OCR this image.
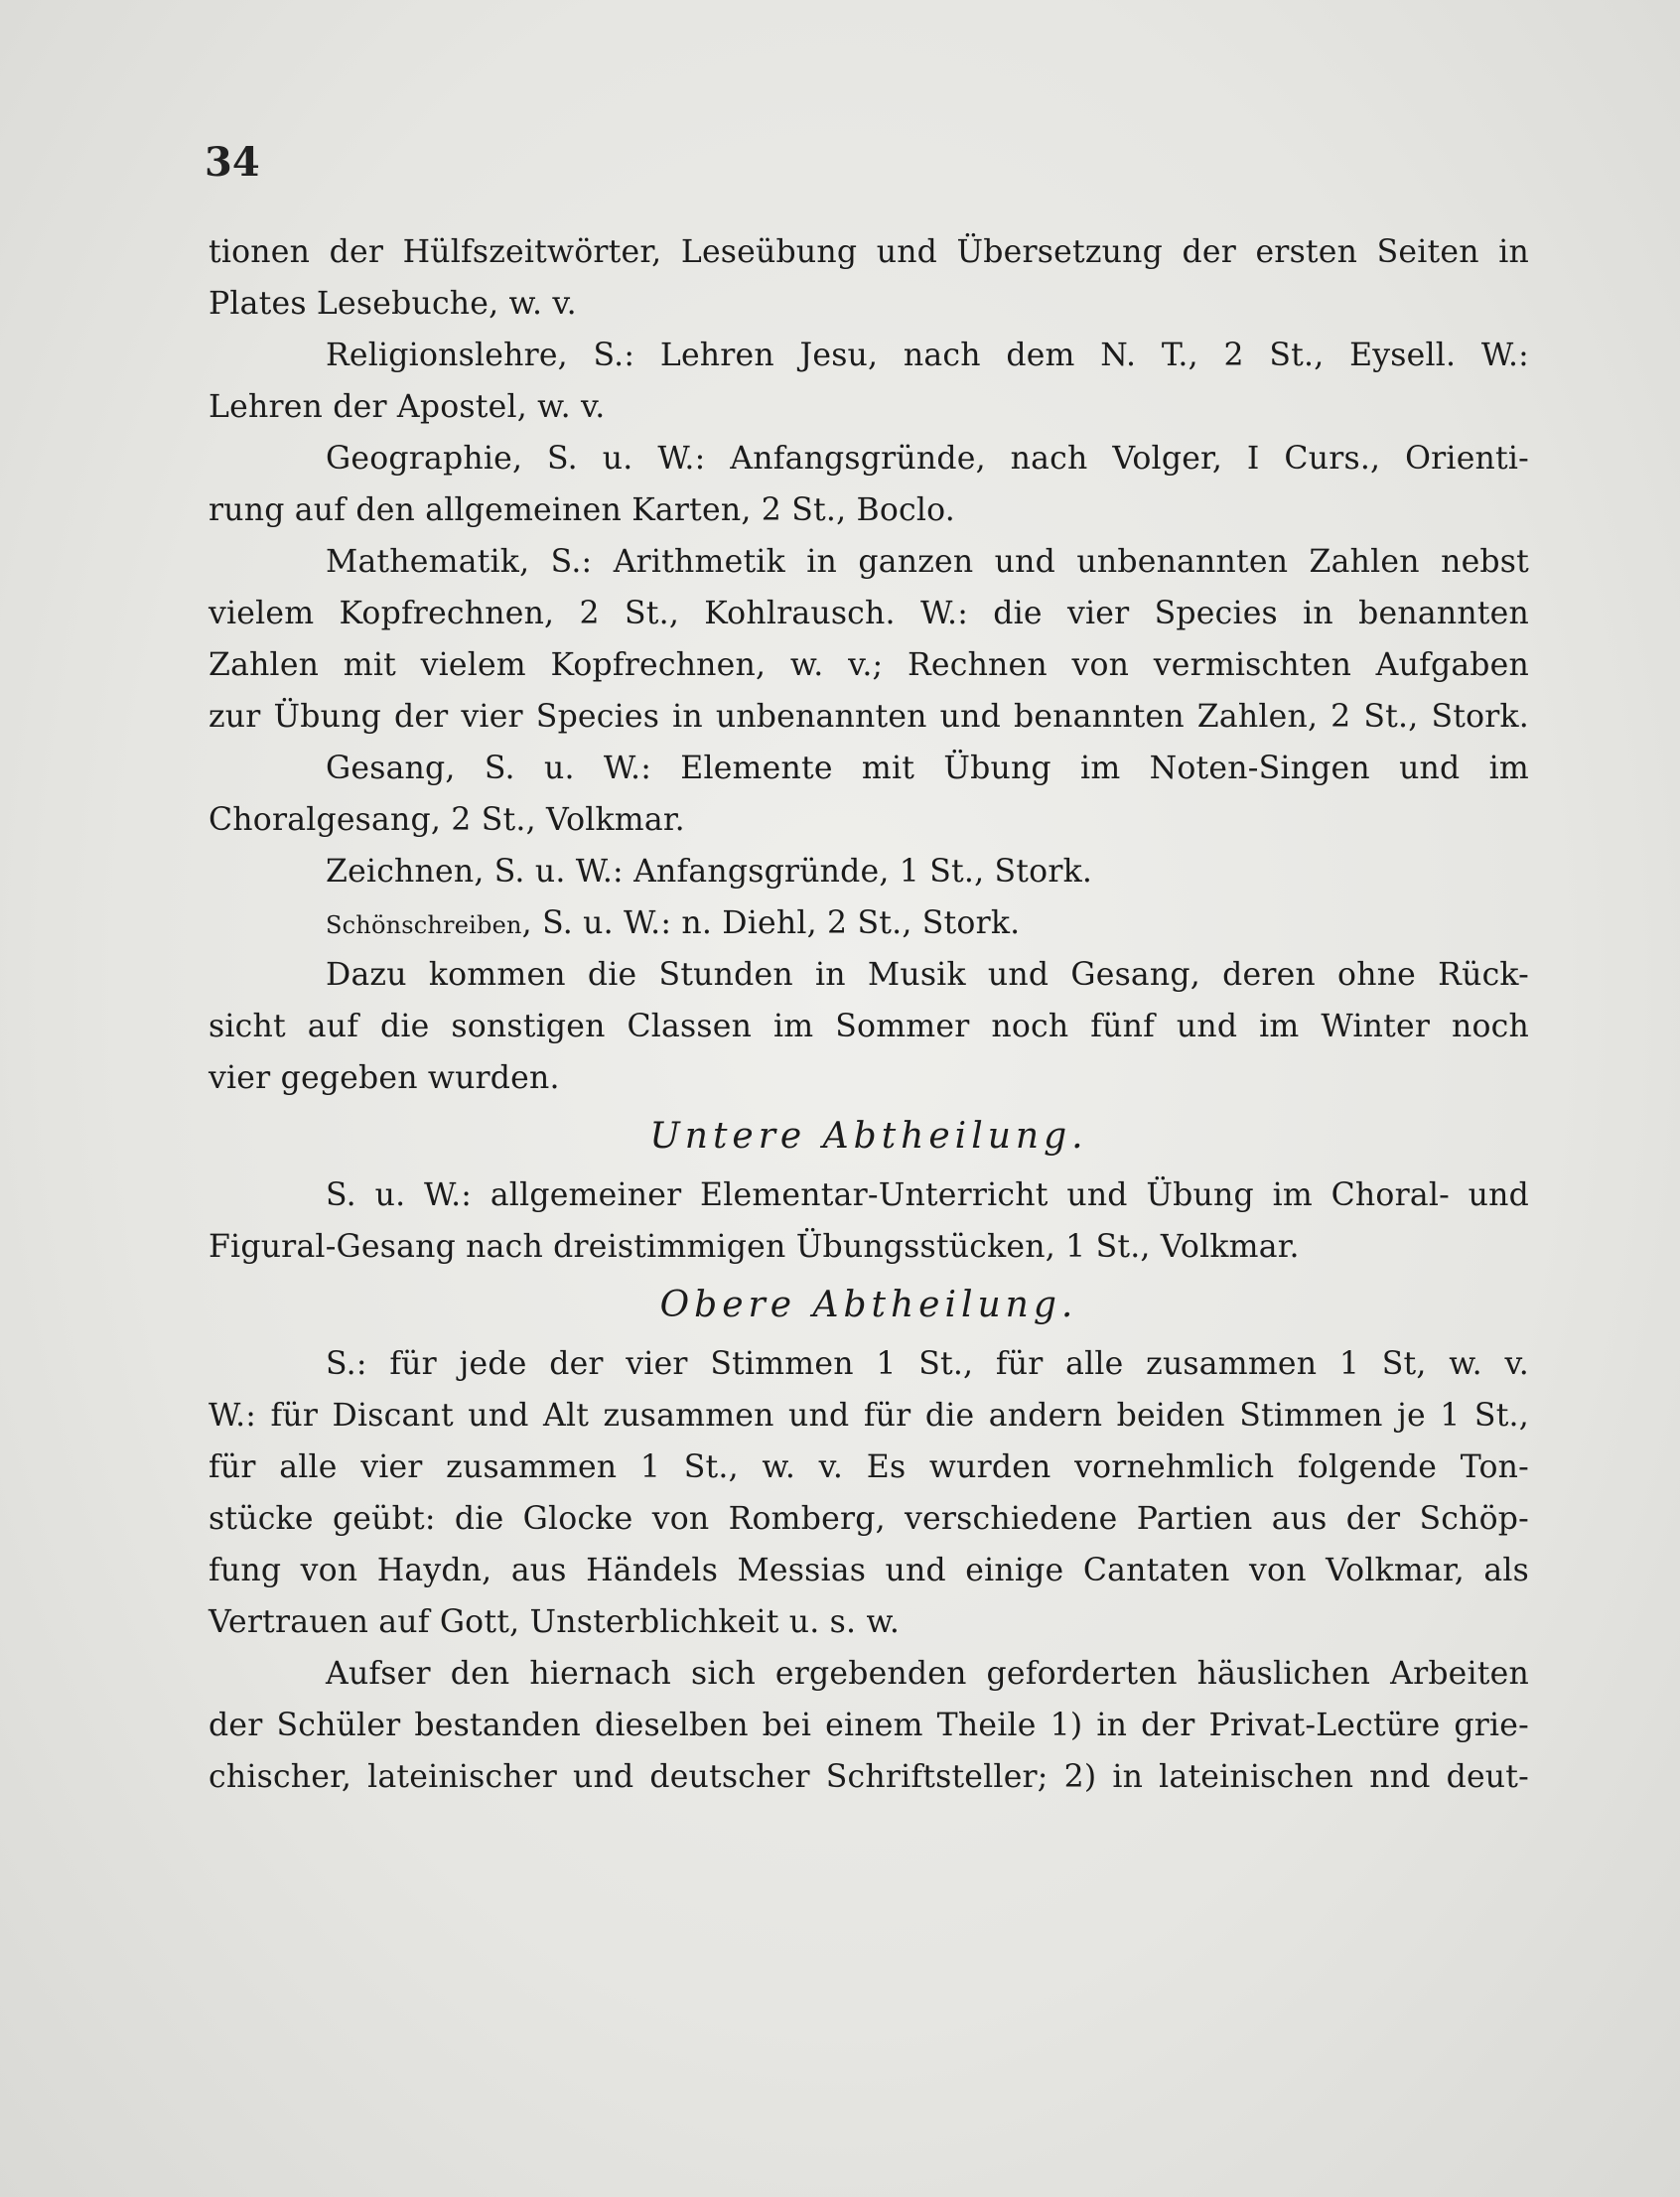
34
tionen der Hülfszeitwörter, Leseübung und Übersetzung der ersten Seiten in
Plates Lesebuche, w. v.
Religionslehre, S.: Lehren Jesu, nach dem N. T., 2 St., Eysell. W.:
Lehren der Apostel, w. v.
Geographie, S. u. W.: Anfangsgründe, nach Volger, I Curs., Orienti-
rung auf den allgemeinen Karten, 2 St., Boclo.
Mathematik, S.: Arithmetik in ganzen und unbenannten Zahlen nebst
vielem Kopfrechnen, 2 St., Kohlrausch. W.: die vier Species in benannten
Zahlen mit vielem Kopfrechnen, w. v.; Rechnen von vermischten Aufgaben
zur Übung der vier Species in unbenannten und benannten Zahlen, 2 St., Stork.
Gesang, S. u. W.: Elemente mit Übung im Noten-Singen und im
Choralgesang, 2 St., Volkmar.
Zeichnen, S. u. W.: Anfangsgründe, 1 St., Stork.
Schönschreiben, S. u. W.: n. Diehl, 2 St., Stork.
Dazu kommen die Stunden in Musik und Gesang, deren ohne Rück-
sicht auf die sonstigen Classen im Sommer noch fünf und im Winter noch
vier gegeben wurden.
Untere Abtheilung.
S. u. W.: allgemeiner Elementar-Unterricht und Übung im Choral- und
Figural-Gesang nach dreistimmigen Übungsstücken, 1 St., Volkmar.
Obere Abtheilung.
S.: für jede der vier Stimmen 1 St., für alle zusammen 1 St, w. v.
W.: für Discant und Alt zusammen und für die andern beiden Stimmen je 1 St.,
für alle vier zusammen 1 St., w. v. Es wurden vornehmlich folgende Ton-
stücke geübt: die Glocke von Romberg, verschiedene Partien aus der Schöp-
fung von Haydn, aus Händels Messias und einige Cantaten von Volkmar, als
Vertrauen auf Gott, Unsterblichkeit u. s. w.
Aufser den hiernach sich ergebenden geforderten häuslichen Arbeiten
der Schüler bestanden dieselben bei einem Theile 1) in der Privat-Lectüre grie-
chischer, lateinischer und deutscher Schriftsteller; 2) in lateinischen nnd deut-
